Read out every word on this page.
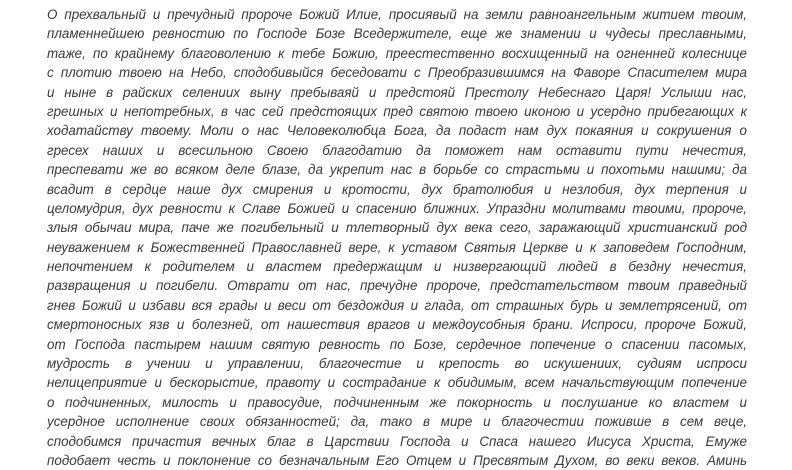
О прехвальный и пречудный пророче Божий Илие, просиявый на земли равноангельным житием твоим,
пламеннейшею ревностию по Господе Бозе Вседержителе, еще же знамении и чудесы преславными,
таже, по крайнему благоволению к тебе Божию, преестественно восхищенный на огненней колеснице
с плотию твоею на Небо, сподобивыйся беседовати с Преобразившимся на Фаворе Спасителем мира
и ныне в райских селениих выну пребываяй и предстояй Престолу Небеснаго Царя! Услыши нас,
грешных и непотребных, в час сей предстоящих пред святою твоею иконою и усердно прибегающих к
ходатайству твоему. Моли о нас Человеколюбца Бога, да подаст нам дух покаяния и сокрушения о
гресех наших и всесильною Своею благодатию да поможет нам оставити пути нечестия,
преспевати же во всяком деле блазе, да укрепит нас в борьбе со страстьми и похотьми нашими; да
всадит в сердце наше дух смирения и кротости, дух братолюбия и незлобия, дух терпения и
целомудрия, дух ревности к Славе Божией и спасению ближних. Упраздни молитвами твоими, пророче,
злыя обычаи мира, паче же погибельный и тлетворный дух века сего, заражающий христианский род
неуважением к Божественней Православней вере, к уставом Святыя Церкве и к заповедем Господним,
непочтением к родителем и властем предержащим и низвергающий людей в бездну нечестия,
развращения и погибели. Отврати от нас, пречудне пророче, предстательством твоим праведный
гнев Божий и избави вся грады и веси от бездождия и глада, от страшных бурь и землетрясений, от
смертоносных язв и болезней, от нашествия врагов и междоусобныя брани. Испроси, пророче Божий,
от Господа пастырем нашим святую ревность по Бозе, сердечное попечение о спасении пасомых,
мудрость в учении и управлении, благочестие и крепость во искушениих, судиям испроси
нелицеприятие и бескорыстие, правоту и сострадание к обидимым, всем начальствующим попечение
о подчиненных, милость и правосудие, подчиненным же покорность и послушание ко властем и
усердное исполнение своих обязанностей; да, тако в мире и благочестии поживше в сем веце,
сподобимся причастия вечных благ в Царствии Господа и Спаса нашего Иисуса Христа, Емуже
подобает честь и поклонение со безначальным Его Отцем и Пресвятым Духом, во веки веков. Аминь
